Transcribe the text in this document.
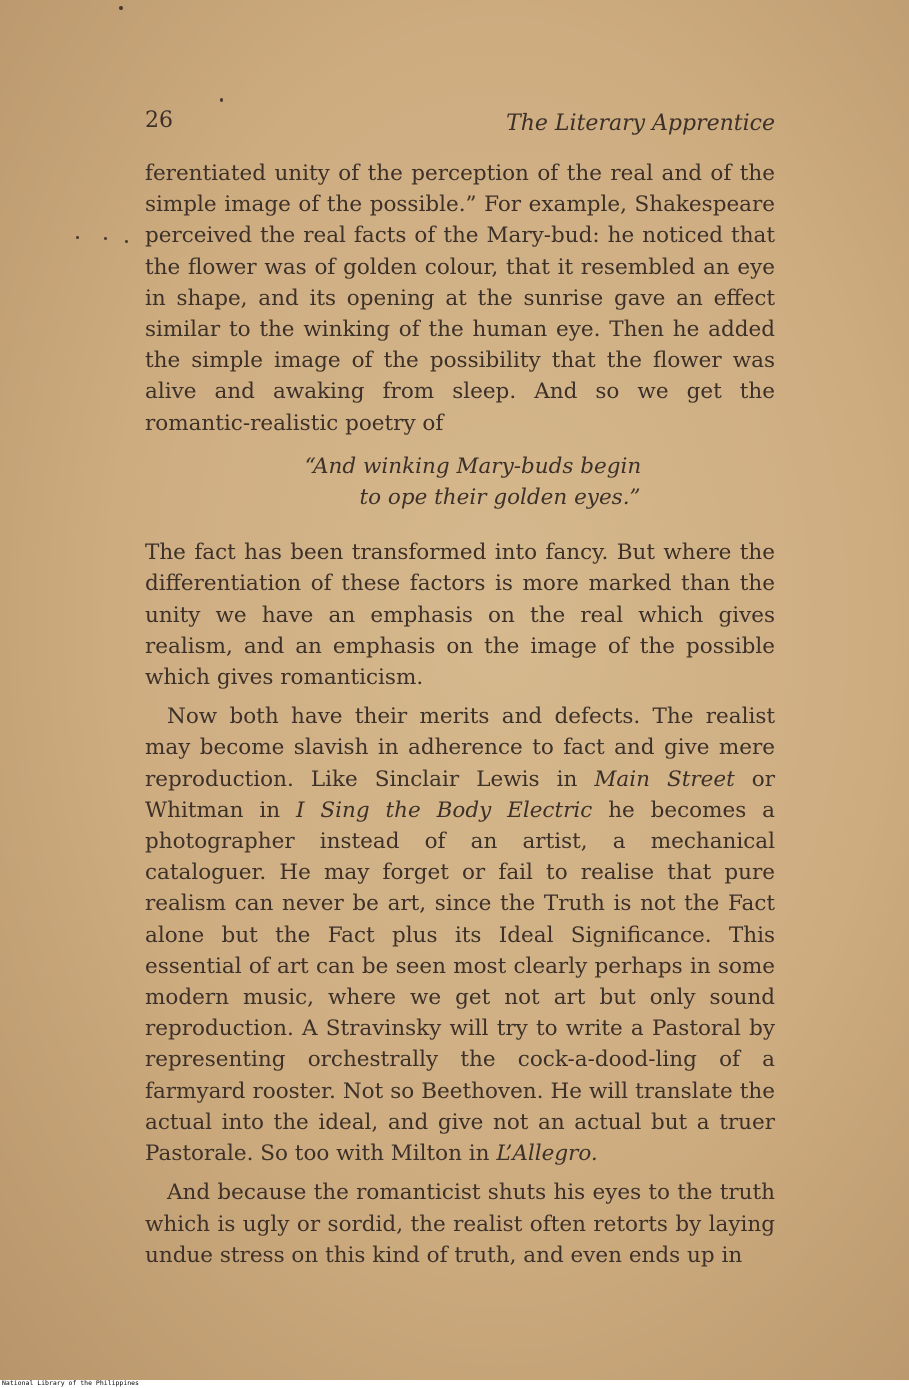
26	The Literary Apprentice

ferentiated unity of the perception of the real and of the simple image of the possible.” For example, Shakespeare perceived the real facts of the Mary-bud: he noticed that the flower was of golden colour, that it resembled an eye in shape, and its opening at the sunrise gave an effect similar to the winking of the human eye. Then he added the simple image of the possibility that the flower was alive and awaking from sleep. And so we get the romantic-realistic poetry of

“And winking Mary-buds begin
to ope their golden eyes.”

The fact has been transformed into fancy. But where the differentiation of these factors is more marked than the unity we have an emphasis on the real which gives realism, and an emphasis on the image of the possible which gives romanticism.

Now both have their merits and defects. The realist may become slavish in adherence to fact and give mere reproduction. Like Sinclair Lewis in Main Street or Whitman in I Sing the Body Electric he becomes a photographer instead of an artist, a mechanical cataloguer. He may forget or fail to realise that pure realism can never be art, since the Truth is not the Fact alone but the Fact plus its Ideal Significance. This essential of art can be seen most clearly perhaps in some modern music, where we get not art but only sound reproduction. A Stravinsky will try to write a Pastoral by representing orchestrally the cock-a-dood-ling of a farmyard rooster. Not so Beethoven. He will translate the actual into the ideal, and give not an actual but a truer Pastorale. So too with Milton in L’Allegro.

And because the romanticist shuts his eyes to the truth which is ugly or sordid, the realist often retorts by laying undue stress on this kind of truth, and even ends up in

National Library of the Philippines
